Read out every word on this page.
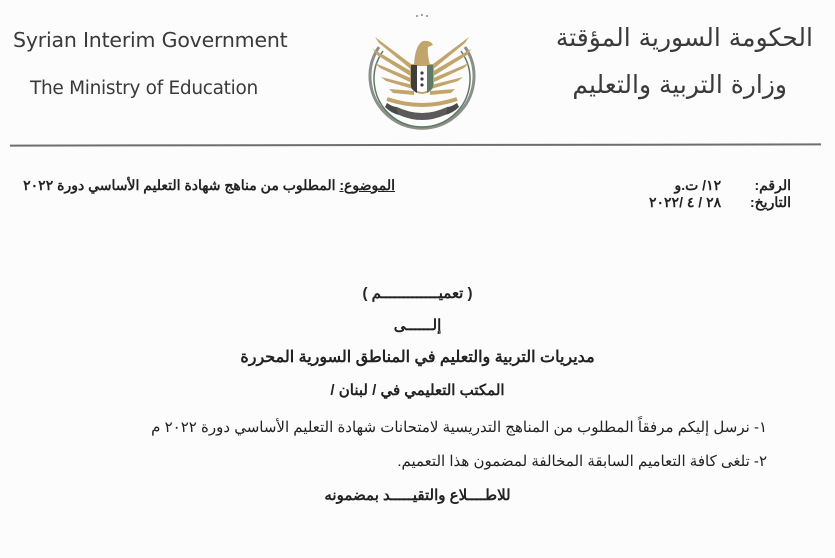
Syrian Interim Government
The Ministry of Education
الحكومة السورية المؤقتة
وزارة التربية والتعليم
الرقم: ١٢/ ت.و
التاريخ: ٢٨ / ٤ /٢٠٢٢
الموضوع: المطلوب من مناهج شهادة التعليم الأساسي دورة ٢٠٢٢
( تعميـــــــــــــم )
إلــــــى
مديريات التربية والتعليم في المناطق السورية المحررة
المكتب التعليمي في / لبنان /
١- نرسل إليكم مرفقاً المطلوب من المناهج التدريسية لامتحانات شهادة التعليم الأساسي دورة ٢٠٢٢ م
٢- تلغى كافة التعاميم السابقة المخالفة لمضمون هذا التعميم.
للاطــــلاع والتقيـــــد بمضمونه
